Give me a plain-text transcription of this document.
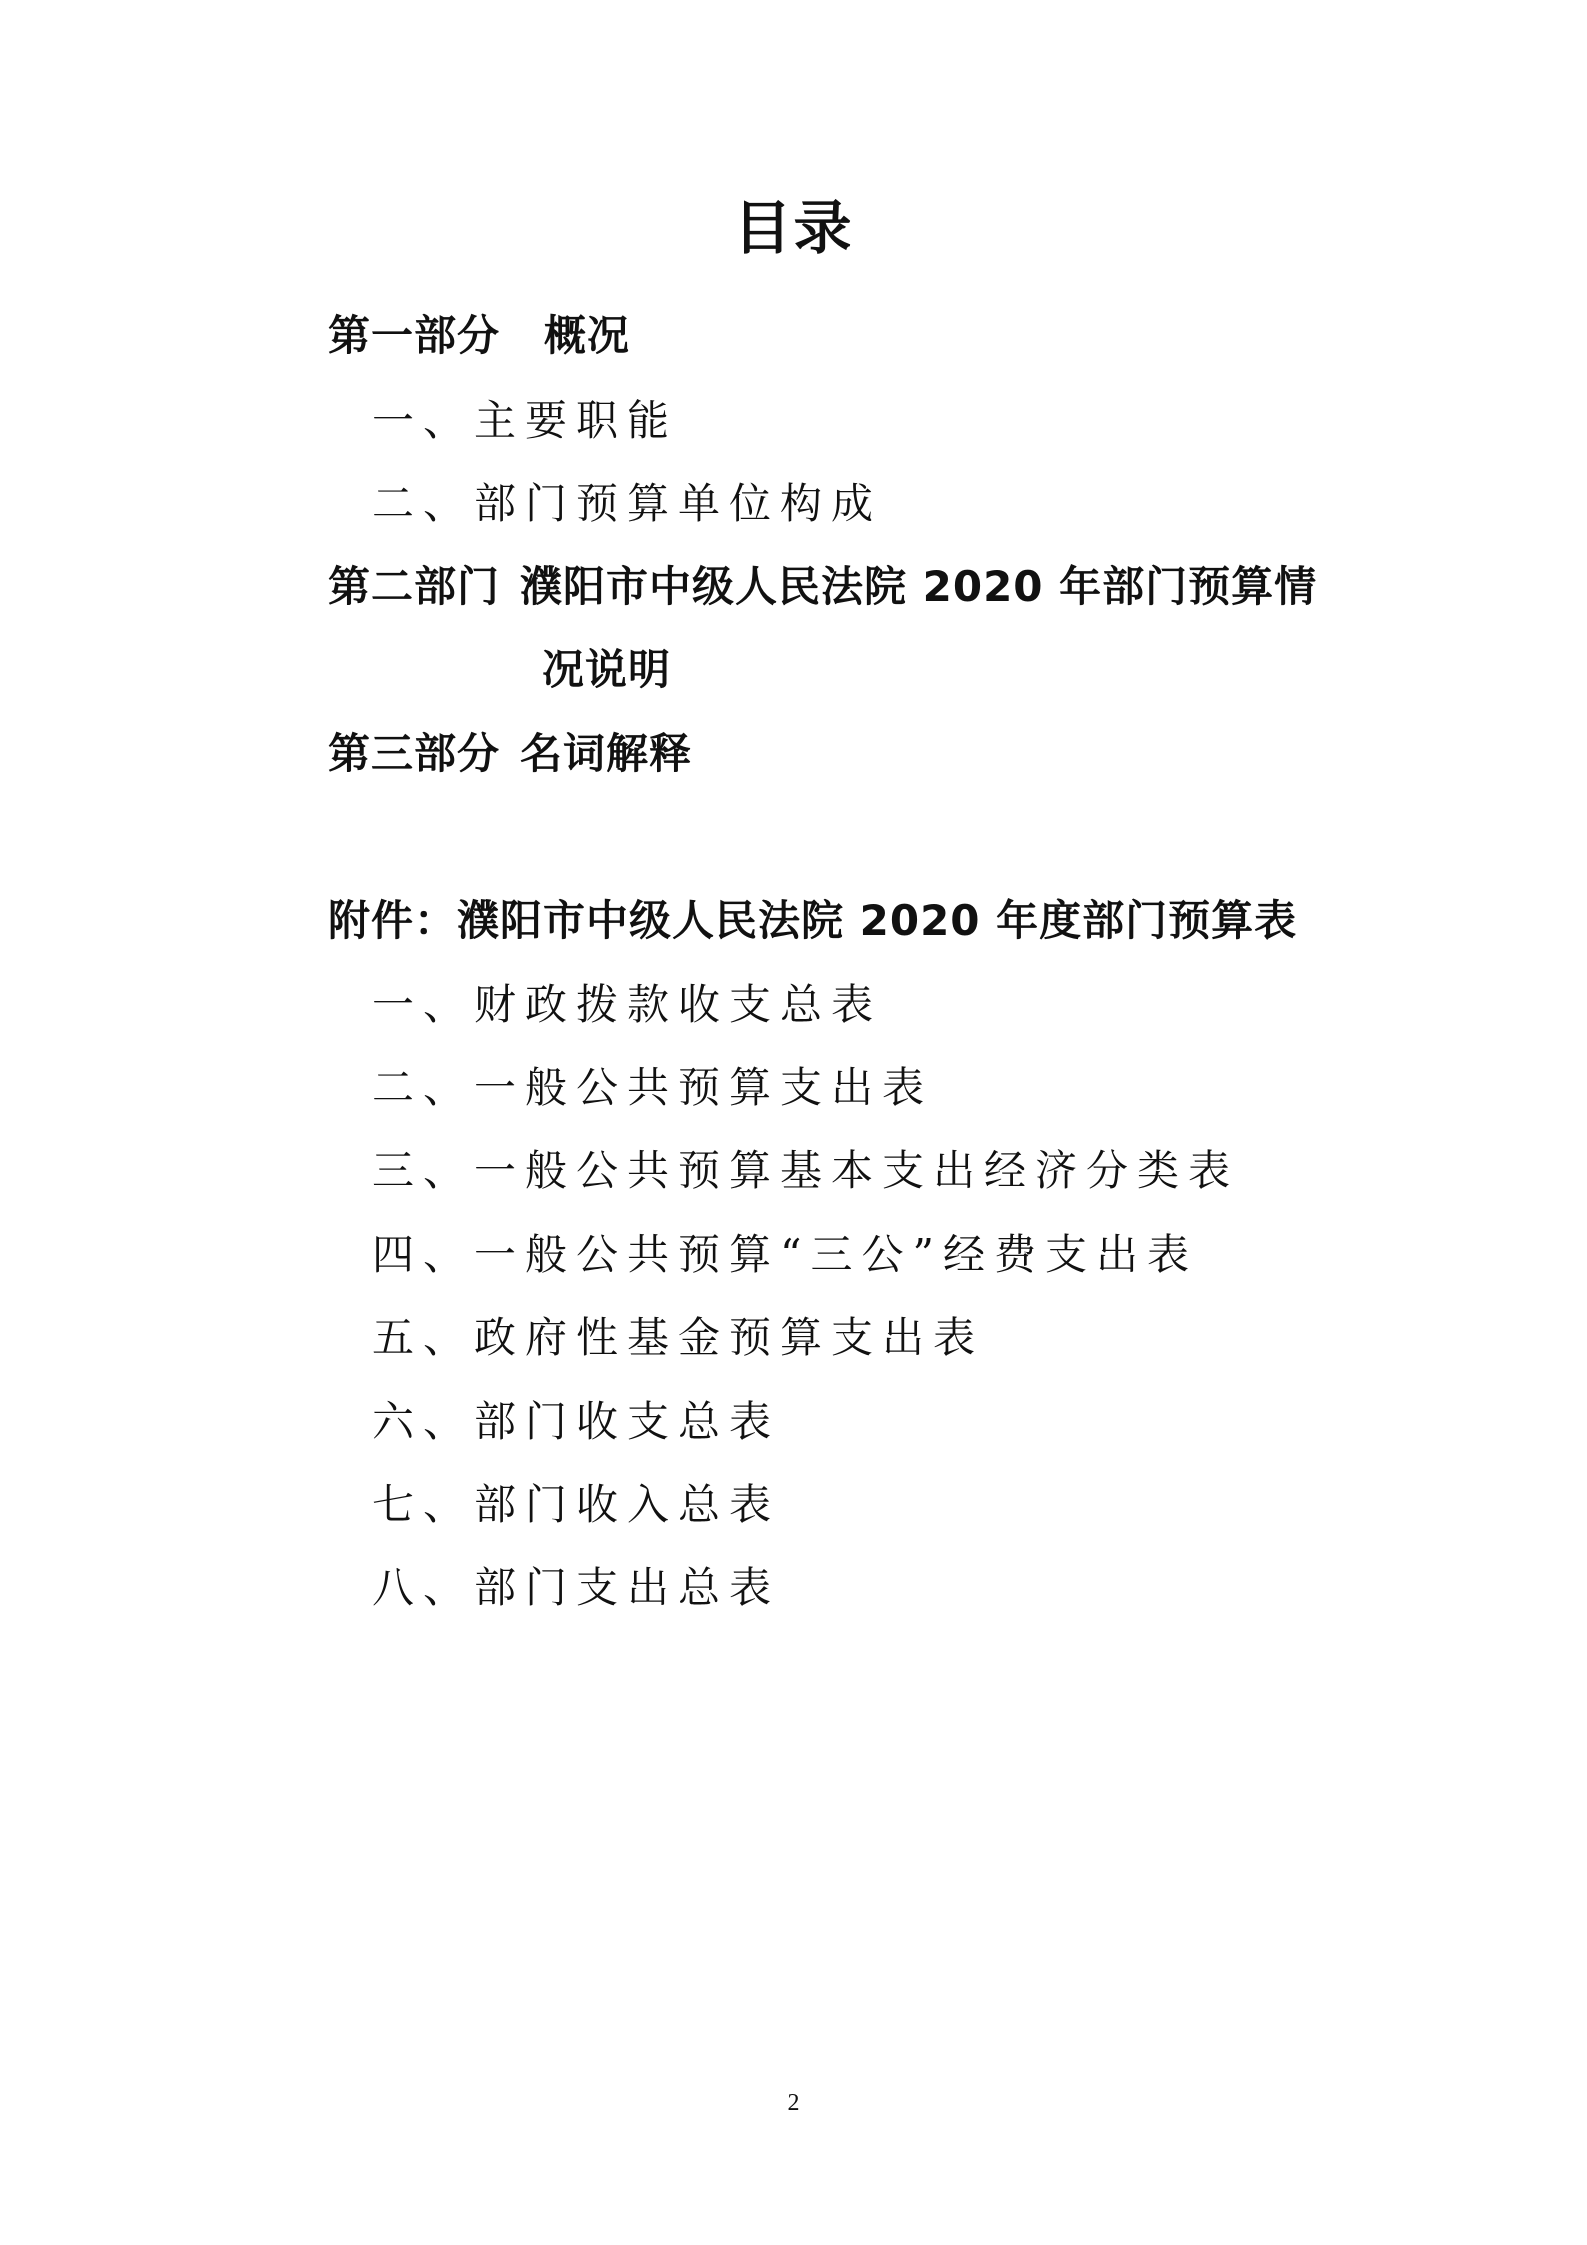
目录
第一部分 概况
一、主要职能
二、部门预算单位构成
第二部门 濮阳市中级人民法院 2020 年部门预算情
况说明
第三部分 名词解释
附件：濮阳市中级人民法院 2020 年度部门预算表
一、财政拨款收支总表
二、一般公共预算支出表
三、一般公共预算基本支出经济分类表
四、一般公共预算“三公”经费支出表
五、政府性基金预算支出表
六、部门收支总表
七、部门收入总表
八、部门支出总表
2
